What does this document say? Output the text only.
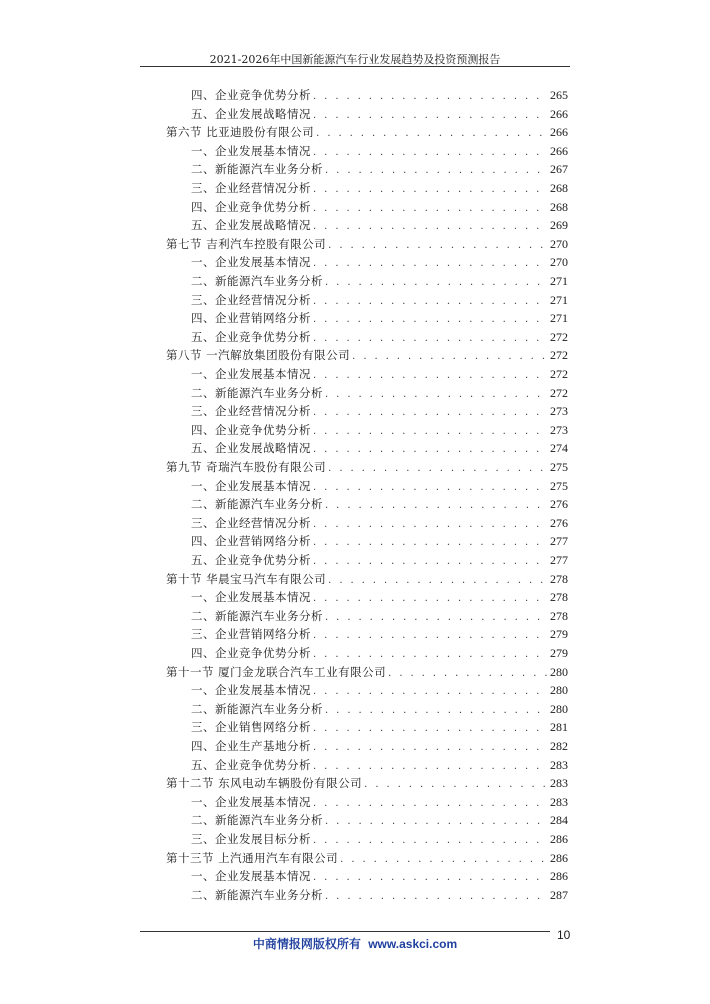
2021-2026年中国新能源汽车行业发展趋势及投资预测报告
四、企业竞争优势分析 . . .	265
五、企业发展战略情况 . . .	266
第六节 比亚迪股份有限公司 . . .	266
一、企业发展基本情况 . . .	266
二、新能源汽车业务分析 . . .	267
三、企业经营情况分析 . . .	268
四、企业竞争优势分析 . . .	268
五、企业发展战略情况 . . .	269
第七节 吉利汽车控股有限公司 . . .	270
一、企业发展基本情况 . . .	270
二、新能源汽车业务分析 . . .	271
三、企业经营情况分析 . . .	271
四、企业营销网络分析 . . .	271
五、企业竞争优势分析 . . .	272
第八节 一汽解放集团股份有限公司 . . .	272
一、企业发展基本情况 . . .	272
二、新能源汽车业务分析 . . .	272
三、企业经营情况分析 . . .	273
四、企业竞争优势分析 . . .	273
五、企业发展战略情况 . . .	274
第九节 奇瑞汽车股份有限公司 . . .	275
一、企业发展基本情况 . . .	275
二、新能源汽车业务分析 . . .	276
三、企业经营情况分析 . . .	276
四、企业营销网络分析 . . .	277
五、企业竞争优势分析 . . .	277
第十节 华晨宝马汽车有限公司 . . .	278
一、企业发展基本情况 . . .	278
二、新能源汽车业务分析 . . .	278
三、企业营销网络分析 . . .	279
四、企业竞争优势分析 . . .	279
第十一节 厦门金龙联合汽车工业有限公司 . . .	280
一、企业发展基本情况 . . .	280
二、新能源汽车业务分析 . . .	280
三、企业销售网络分析 . . .	281
四、企业生产基地分析 . . .	282
五、企业竞争优势分析 . . .	283
第十二节 东风电动车辆股份有限公司 . . .	283
一、企业发展基本情况 . . .	283
二、新能源汽车业务分析 . . .	284
三、企业发展目标分析 . . .	286
第十三节 上汽通用汽车有限公司 . . .	286
一、企业发展基本情况 . . .	286
二、新能源汽车业务分析 . . .	287
中商情报网版权所有 www.askci.com
10
